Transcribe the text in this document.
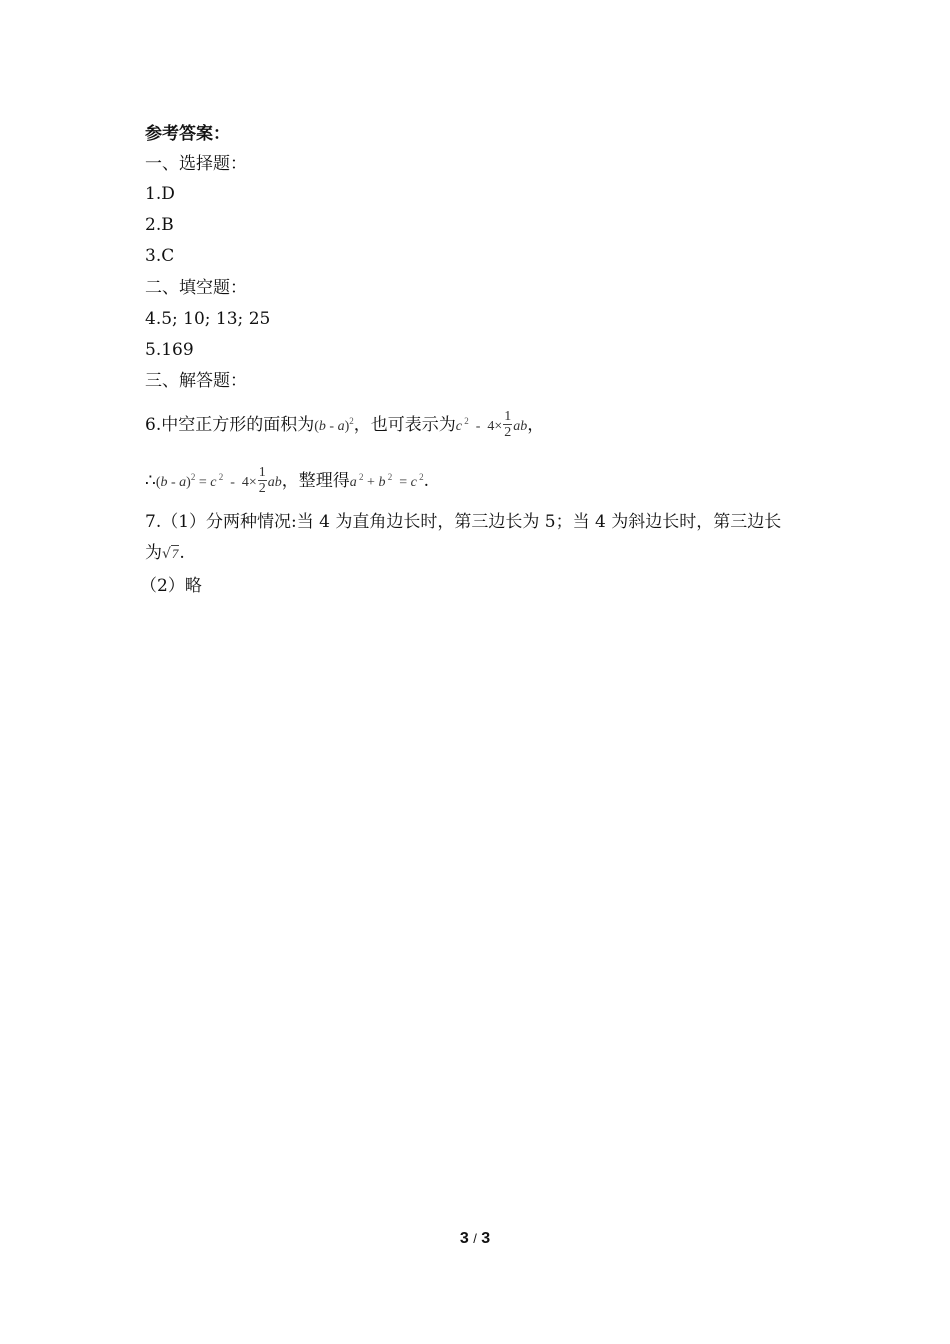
参考答案：
一、选择题：
1.D
2.B
3.C
二、填空题：
4.5; 10; 13; 25
5.169
三、解答题：
6.中空正方形的面积为(b - a)$^2$，也可表示为c $^2 - 4\times \frac{1}{2}$ ab，
∴(b - a)$^2$ = c $^2 - 4\times \frac{1}{2}$ ab，整理得a $^2$ + b $^2$  = c $^2$.
7.（1）分两种情况:当 4 为直角边长时，第三边长为 5；当 4 为斜边长时，第三边长
为√7.
（2）略
3 / 3
